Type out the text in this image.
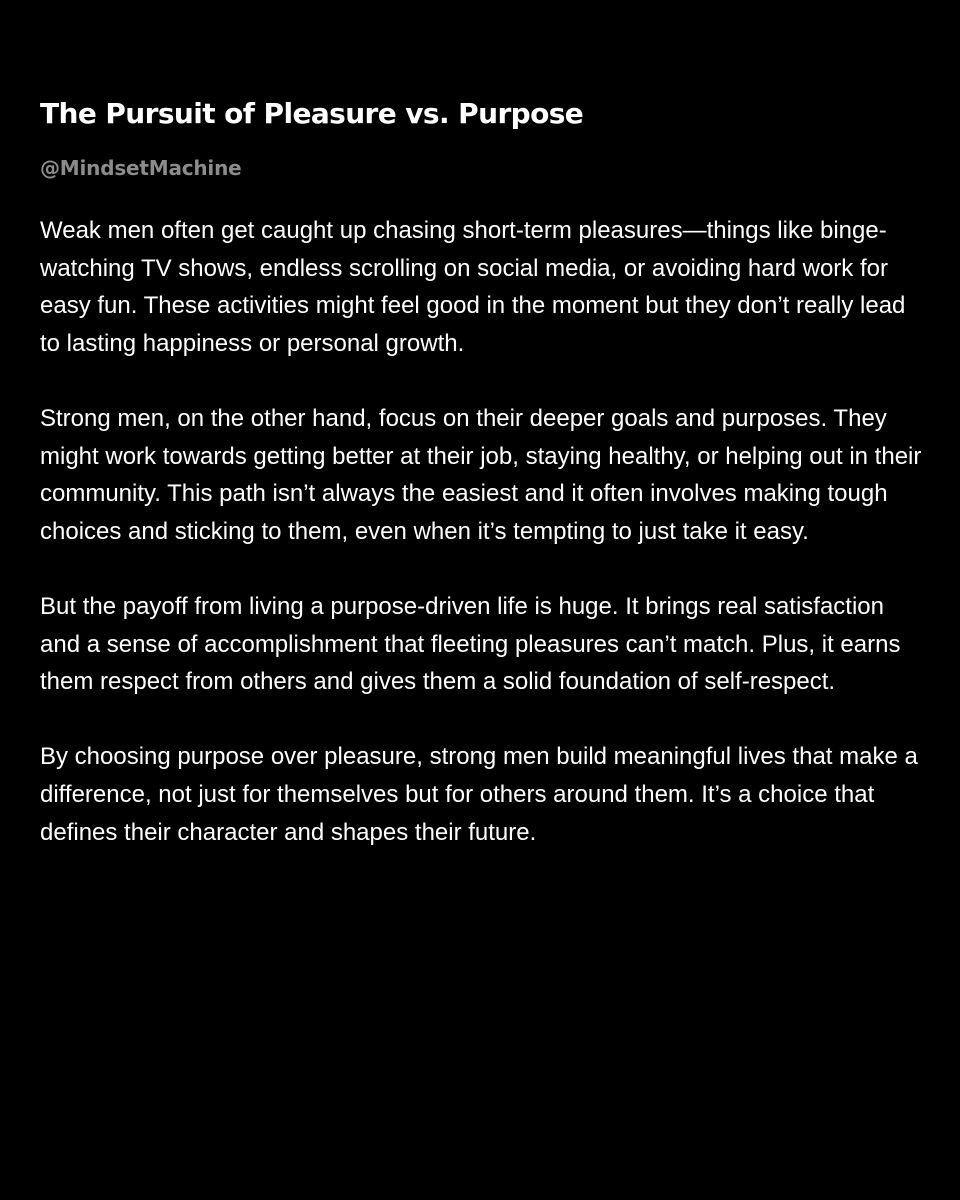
The Pursuit of Pleasure vs. Purpose
@MindsetMachine

Weak men often get caught up chasing short-term pleasures—things like binge-watching TV shows, endless scrolling on social media, or avoiding hard work for easy fun. These activities might feel good in the moment but they don’t really lead to lasting happiness or personal growth.

Strong men, on the other hand, focus on their deeper goals and purposes. They might work towards getting better at their job, staying healthy, or helping out in their community. This path isn’t always the easiest and it often involves making tough choices and sticking to them, even when it’s tempting to just take it easy.

But the payoff from living a purpose-driven life is huge. It brings real satisfaction and a sense of accomplishment that fleeting pleasures can’t match. Plus, it earns them respect from others and gives them a solid foundation of self-respect.

By choosing purpose over pleasure, strong men build meaningful lives that make a difference, not just for themselves but for others around them. It’s a choice that defines their character and shapes their future.
